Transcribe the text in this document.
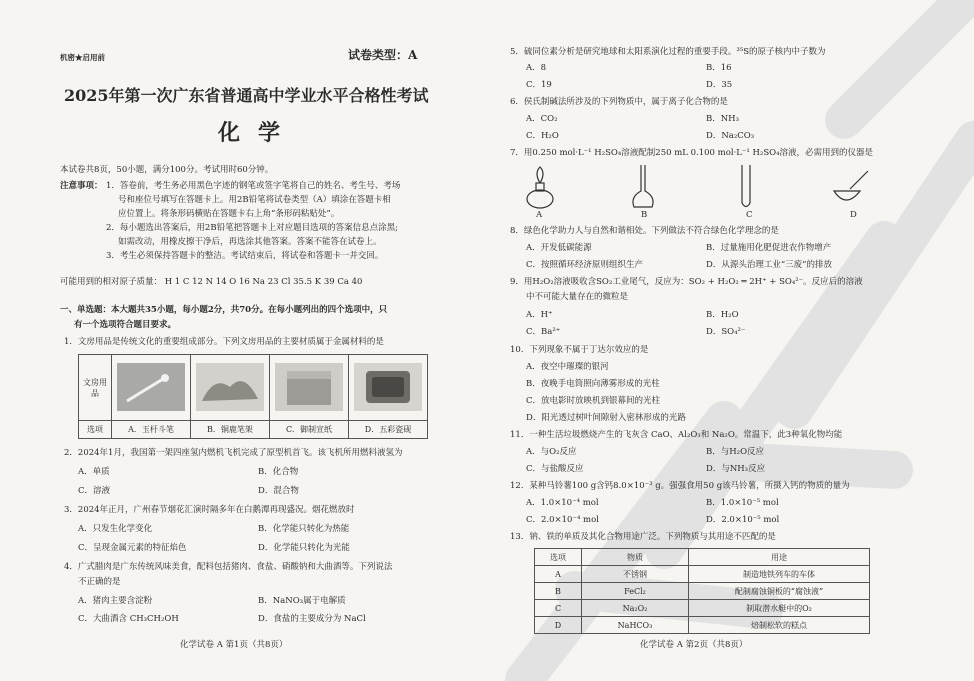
机密★启用前	试卷类型：A
2025年第一次广东省普通高中学业水平合格性考试
化学
本试卷共8页，50小题，满分100分。考试用时60分钟。
注意事项： 1．答卷前，考生务必用黑色字迹的钢笔或签字笔将自己的姓名、考生号、考场
号和座位号填写在答题卡上。用2B铅笔将试卷类型（A）填涂在答题卡相
应位置上。将条形码横贴在答题卡右上角“条形码粘贴处”。
2．每小题选出答案后，用2B铅笔把答题卡上对应题目选项的答案信息点涂黑;
如需改动，用橡皮擦干净后，再选涂其他答案。答案不能答在试卷上。
3．考生必须保持答题卡的整洁。考试结束后，将试卷和答题卡一并交回。
可能用到的相对原子质量： H 1 C 12 N 14 O 16 Na 23 Cl 35.5 K 39 Ca 40
一、单选题：本大题共35小题，每小题2分，共70分。在每小题列出的四个选项中，只
有一个选项符合题目要求。
1．文房用品是传统文化的重要组成部分。下列文房用品的主要材质属于金属材料的是
文房用品				
选项	A．玉杆斗笔	B．铜鹿笔架	C．御制宣纸	D．五彩瓷砚
2．2024年1月，我国第一架四座氢内燃机飞机完成了原型机首飞。该飞机所用燃料液氢为
A．单质	B．化合物
C．溶液	D．混合物
3．2024年正月，广州春节烟花汇演时隔多年在白鹅潭再现盛况。烟花燃放时
A．只发生化学变化	B．化学能只转化为热能
C．呈现金属元素的特征焰色	D．化学能只转化为光能
4．广式腊肉是广东传统风味美食，配料包括猪肉、食盐、硝酸钠和大曲酒等。下列说法
不正确的是
A．猪肉主要含淀粉	B．NaNO₃属于电解质
C．大曲酒含 CH₃CH₂OH	D．食盐的主要成分为 NaCl
化学试卷 A 第1页（共8页）
5．硫同位素分析是研究地球和太阳系演化过程的重要手段。³⁵S的原子核内中子数为
A．8	B．16
C．19	D．35
6．侯氏制碱法所涉及的下列物质中，属于离子化合物的是
A．CO₂	B．NH₃
C．H₂O	D．Na₂CO₃
7．用0.250 mol·L⁻¹ H₂SO₄溶液配制250 mL 0.100 mol·L⁻¹ H₂SO₄溶液，必需用到的仪器是
A	B	C	D
8．绿色化学助力人与自然和谐相处。下列做法不符合绿色化学理念的是
A．开发低碳能源	B．过量施用化肥促进农作物增产
C．按照循环经济原则组织生产	D．从源头治理工业“三废”的排放
9．用H₂O₂溶液吸收含SO₂工业尾气，反应为：SO₂ + H₂O₂ ═ 2H⁺ + SO₄²⁻。反应后的溶液
中不可能大量存在的微粒是
A．H⁺	B．H₂O
C．Ba²⁺	D．SO₄²⁻
10．下列现象不属于丁达尔效应的是
A．夜空中璀璨的银河
B．夜晚手电筒照向薄雾形成的光柱
C．放电影时放映机到银幕间的光柱
D．阳光透过树叶间隙射入密林形成的光路
11．一种生活垃圾燃烧产生的飞灰含 CaO、Al₂O₃和 Na₂O。常温下，此3种氧化物均能
A．与O₂反应	B．与H₂O反应
C．与盐酸反应	D．与NH₃反应
12．某种马铃薯100 g含钙8.0×10⁻³ g。强强食用50 g该马铃薯，所摄入钙的物质的量为
A．1.0×10⁻⁴ mol	B．1.0×10⁻⁵ mol
C．2.0×10⁻⁴ mol	D．2.0×10⁻⁵ mol
13．钠、铁的单质及其化合物用途广泛。下列物质与其用途不匹配的是
选项	物质	用途
A	不锈钢	制造地铁列车的车体
B	FeCl₂	配制腐蚀铜板的“腐蚀液”
C	Na₂O₂	制取潜水艇中的O₂
D	NaHCO₃	焙制松软的糕点
化学试卷 A 第2页（共8页）
